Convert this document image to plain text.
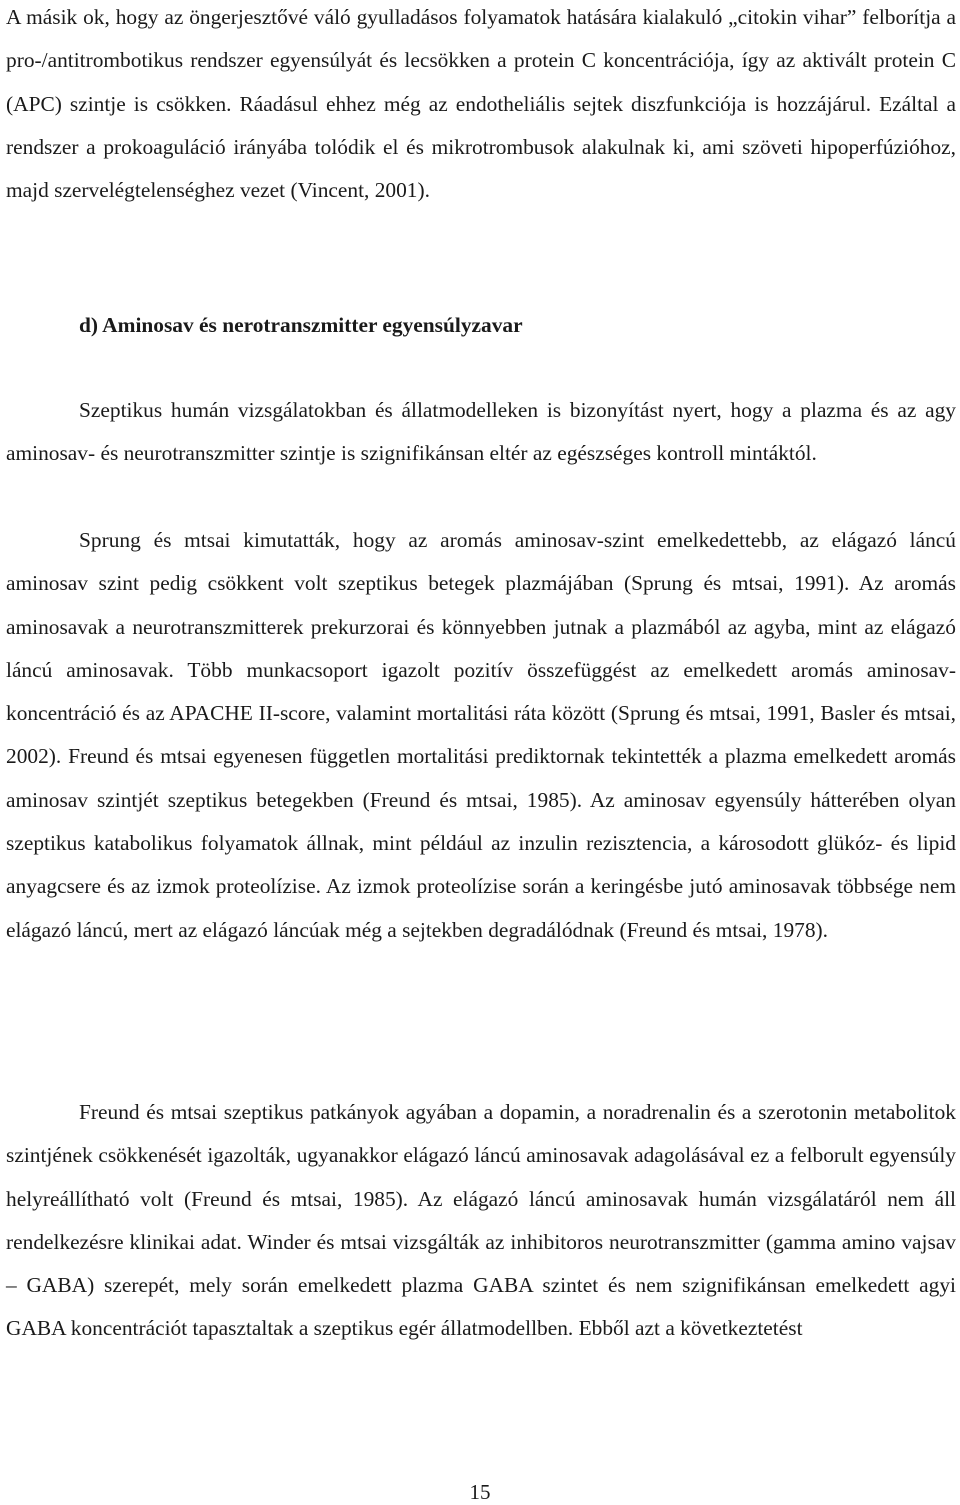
A másik ok, hogy az öngerjesztővé váló gyulladásos folyamatok hatására kialakuló „citokin vihar” felborítja a pro-/antitrombotikus rendszer egyensúlyát és lecsökken a protein C koncentrációja, így az aktivált protein C (APC) szintje is csökken. Ráadásul ehhez még az endotheliális sejtek diszfunkciója is hozzájárul. Ezáltal a rendszer a prokoaguláció irányába tolódik el és mikrotrombusok alakulnak ki, ami szöveti hipoperfúzióhoz, majd szervelégtelenséghez vezet (Vincent, 2001).

d) Aminosav és nerotranszmitter egyensúlyzavar

Szeptikus humán vizsgálatokban és állatmodelleken is bizonyítást nyert, hogy a plazma és az agy aminosav- és neurotranszmitter szintje is szignifikánsan eltér az egészséges kontroll mintáktól.

Sprung és mtsai kimutatták, hogy az aromás aminosav-szint emelkedettebb, az elágazó láncú aminosav szint pedig csökkent volt szeptikus betegek plazmájában (Sprung és mtsai, 1991). Az aromás aminosavak a neurotranszmitterek prekurzorai és könnyebben jutnak a plazmából az agyba, mint az elágazó láncú aminosavak. Több munkacsoport igazolt pozitív összefüggést az emelkedett aromás aminosav-koncentráció és az APACHE II-score, valamint mortalitási ráta között (Sprung és mtsai, 1991, Basler és mtsai, 2002). Freund és mtsai egyenesen független mortalitási prediktornak tekintették a plazma emelkedett aromás aminosav szintjét szeptikus betegekben (Freund és mtsai, 1985). Az aminosav egyensúly hátterében olyan szeptikus katabolikus folyamatok állnak, mint például az inzulin rezisztencia, a károsodott glükóz- és lipid anyagcsere és az izmok proteolízise. Az izmok proteolízise során a keringésbe jutó aminosavak többsége nem elágazó láncú, mert az elágazó láncúak még a sejtekben degradálódnak (Freund és mtsai, 1978).

Freund és mtsai szeptikus patkányok agyában a dopamin, a noradrenalin és a szerotonin metabolitok szintjének csökkenését igazolták, ugyanakkor elágazó láncú aminosavak adagolásával ez a felborult egyensúly helyreállítható volt (Freund és mtsai, 1985). Az elágazó láncú aminosavak humán vizsgálatáról nem áll rendelkezésre klinikai adat. Winder és mtsai vizsgálták az inhibitoros neurotranszmitter (gamma amino vajsav – GABA) szerepét, mely során emelkedett plazma GABA szintet és nem szignifikánsan emelkedett agyi GABA koncentrációt tapasztaltak a szeptikus egér állatmodellben. Ebből azt a következtetést

15
